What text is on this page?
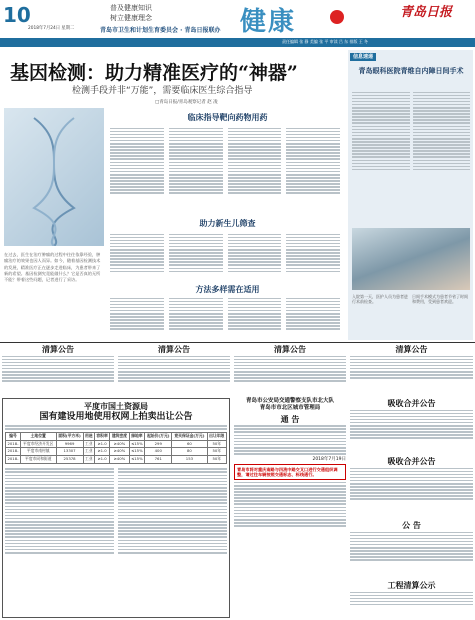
10	普及健康知识
树立健康理念
2018年7月24日 星期二	青岛市卫生和计划生育委员会 · 青岛日报联办 健康	青岛日报
责任编辑 张 静 美编 张 平 审读 吕 东 排版 王 冬
基因检测：助力精准医疗的“神器”
检测手段并非“万能”，需要临床医生综合指导
□青岛日报/青岛观察记者 赵 凌
在过去，医生在治疗肿瘤的过程中往往依靠经验，肿瘤治疗的效果也因人而异。如今，随着基因检测技术的发展，精准医疗正在逐步走进临床，为患者带来了新的希望。基因检测究竟能做什么？它是否真的无所不能？带着这些问题，记者进行了采访。
临床指导靶向药物用药
助力新生儿筛查
方法多样需在适用
信息速递
青岛眼科医院青维自内障日间手术
入院第一天，医护人员为患者进行术前检查。
日间手术模式为患者节省了时间和费用，受到患者欢迎。
清算公告	清算公告	清算公告	清算公告
平度市国土资源局
国有建设用地使用权网上拍卖出让公告
编号	土地位置	面积(平方米)	用途	容积率	建筑密度	绿地率	起始价(万元)	竞买保证金(万元)	出让年限
2018-	平度市经济开发区	9969	工业	≥1.0	≥40%	≤15%	299	60	50年
2018-	平度市南村镇	13307	工业	≥1.0	≥40%	≤15%	400	80	50年
2018-	平度市同和街道	25378	工业	≥1.0	≥40%	≤15%	761	153	50年
青岛市公安局交通警察支队市北大队
青岛市市北区城市管理局
通 告
2018年7月19日
青岛市将对重庆南路与四流中路交叉口进行交通组织调整，请过往车辆按照交通标志、标线通行。
吸收合并公告
吸收合并公告
公 告
工程清算公示
